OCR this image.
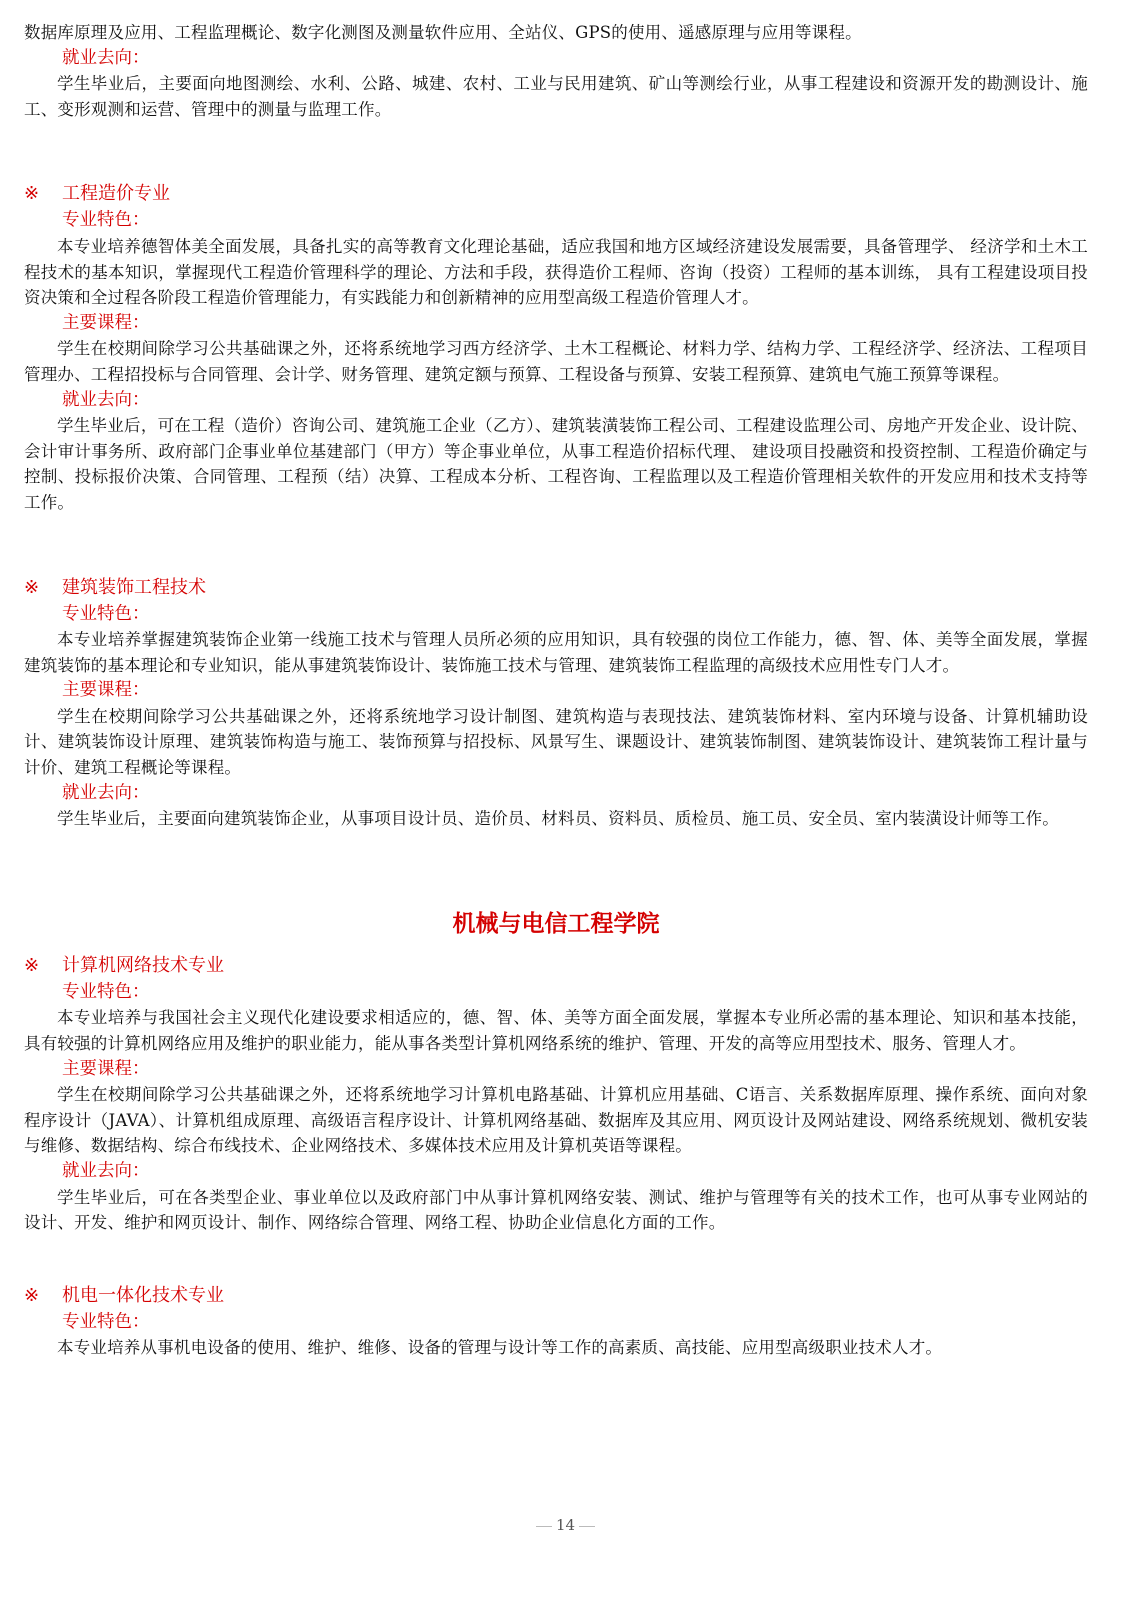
数据库原理及应用、工程监理概论、数字化测图及测量软件应用、全站仪、GPS的使用、遥感原理与应用等课程。

就业去向：

学生毕业后，主要面向地图测绘、水利、公路、城建、农村、工业与民用建筑、矿山等测绘行业，从事工程建设和资源开发的勘测设计、施工、变形观测和运营、管理中的测量与监理工作。

※ 工程造价专业
专业特色：

本专业培养德智体美全面发展，具备扎实的高等教育文化理论基础，适应我国和地方区域经济建设发展需要，具备管理学、 经济学和土木工程技术的基本知识，掌握现代工程造价管理科学的理论、方法和手段，获得造价工程师、咨询（投资）工程师的基本训练， 具有工程建设项目投资决策和全过程各阶段工程造价管理能力，有实践能力和创新精神的应用型高级工程造价管理人才。

主要课程：

学生在校期间除学习公共基础课之外，还将系统地学习西方经济学、土木工程概论、材料力学、结构力学、工程经济学、经济法、工程项目管理办、工程招投标与合同管理、会计学、财务管理、建筑定额与预算、工程设备与预算、安装工程预算、建筑电气施工预算等课程。

就业去向：

学生毕业后，可在工程（造价）咨询公司、建筑施工企业（乙方）、建筑装潢装饰工程公司、工程建设监理公司、房地产开发企业、设计院、会计审计事务所、政府部门企事业单位基建部门（甲方）等企事业单位，从事工程造价招标代理、 建设项目投融资和投资控制、工程造价确定与控制、投标报价决策、合同管理、工程预（结）决算、工程成本分析、工程咨询、工程监理以及工程造价管理相关软件的开发应用和技术支持等工作。

※ 建筑装饰工程技术
专业特色：

本专业培养掌握建筑装饰企业第一线施工技术与管理人员所必须的应用知识，具有较强的岗位工作能力，德、智、体、美等全面发展，掌握建筑装饰的基本理论和专业知识，能从事建筑装饰设计、装饰施工技术与管理、建筑装饰工程监理的高级技术应用性专门人才。

主要课程：

学生在校期间除学习公共基础课之外，还将系统地学习设计制图、建筑构造与表现技法、建筑装饰材料、室内环境与设备、计算机辅助设计、建筑装饰设计原理、建筑装饰构造与施工、装饰预算与招投标、风景写生、课题设计、建筑装饰制图、建筑装饰设计、建筑装饰工程计量与计价、建筑工程概论等课程。

就业去向：

学生毕业后，主要面向建筑装饰企业，从事项目设计员、造价员、材料员、资料员、质检员、施工员、安全员、室内装潢设计师等工作。

机械与电信工程学院
※ 计算机网络技术专业
专业特色：

本专业培养与我国社会主义现代化建设要求相适应的，德、智、体、美等方面全面发展，掌握本专业所必需的基本理论、知识和基本技能，具有较强的计算机网络应用及维护的职业能力，能从事各类型计算机网络系统的维护、管理、开发的高等应用型技术、服务、管理人才。

主要课程：

学生在校期间除学习公共基础课之外，还将系统地学习计算机电路基础、计算机应用基础、C语言、关系数据库原理、操作系统、面向对象程序设计（JAVA）、计算机组成原理、高级语言程序设计、计算机网络基础、数据库及其应用、网页设计及网站建设、网络系统规划、微机安装与维修、数据结构、综合布线技术、企业网络技术、多媒体技术应用及计算机英语等课程。

就业去向：

学生毕业后，可在各类型企业、事业单位以及政府部门中从事计算机网络安装、测试、维护与管理等有关的技术工作，也可从事专业网站的设计、开发、维护和网页设计、制作、网络综合管理、网络工程、协助企业信息化方面的工作。

※ 机电一体化技术专业
专业特色：

本专业培养从事机电设备的使用、维护、维修、设备的管理与设计等工作的高素质、高技能、应用型高级职业技术人才。

14
